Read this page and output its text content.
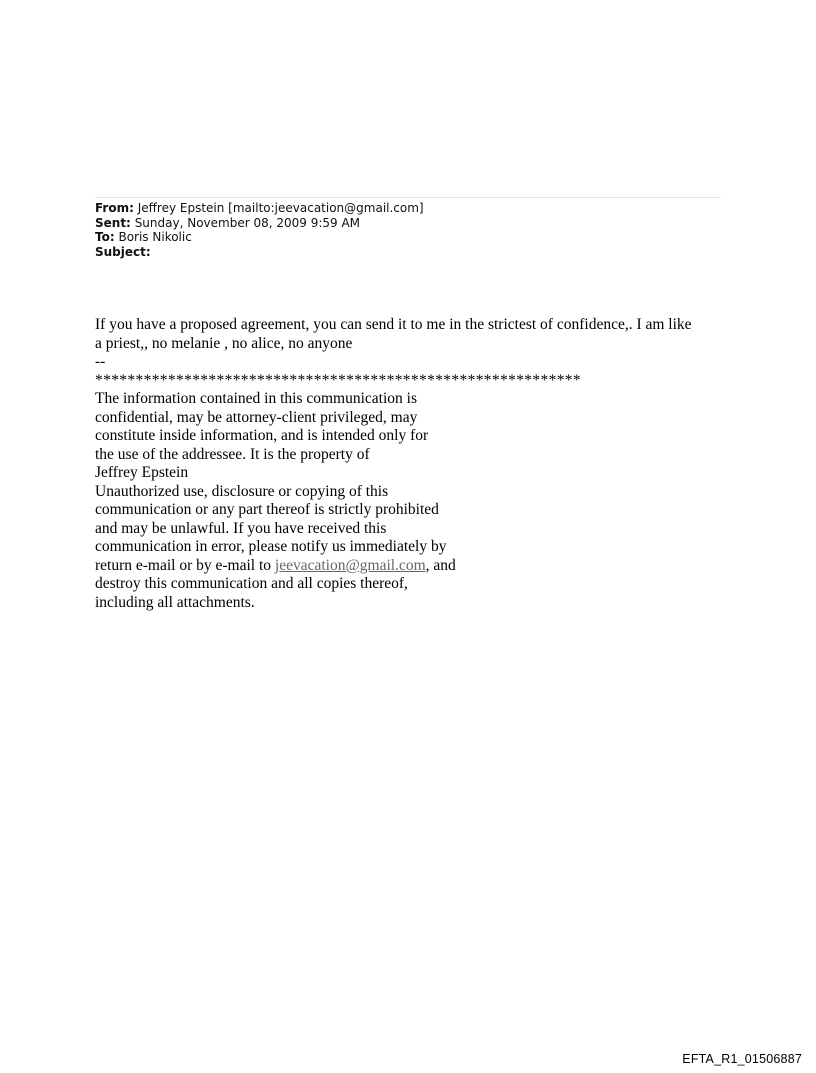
From: Jeffrey Epstein [mailto:jeevacation@gmail.com]
Sent: Sunday, November 08, 2009 9:59 AM
To: Boris Nikolic
Subject:

If you have a proposed agreement, you can send it to me in the strictest of confidence,. I am like

a priest,, no melanie , no alice, no anyone

--

************************************************************

The information contained in this communication is
confidential, may be attorney-client privileged, may
constitute inside information, and is intended only for
the use of the addressee. It is the property of
Jeffrey Epstein
Unauthorized use, disclosure or copying of this
communication or any part thereof is strictly prohibited
and may be unlawful. If you have received this
communication in error, please notify us immediately by
return e-mail or by e-mail to jeevacation@gmail.com, and
destroy this communication and all copies thereof,
including all attachments.

EFTA_R1_01506887
